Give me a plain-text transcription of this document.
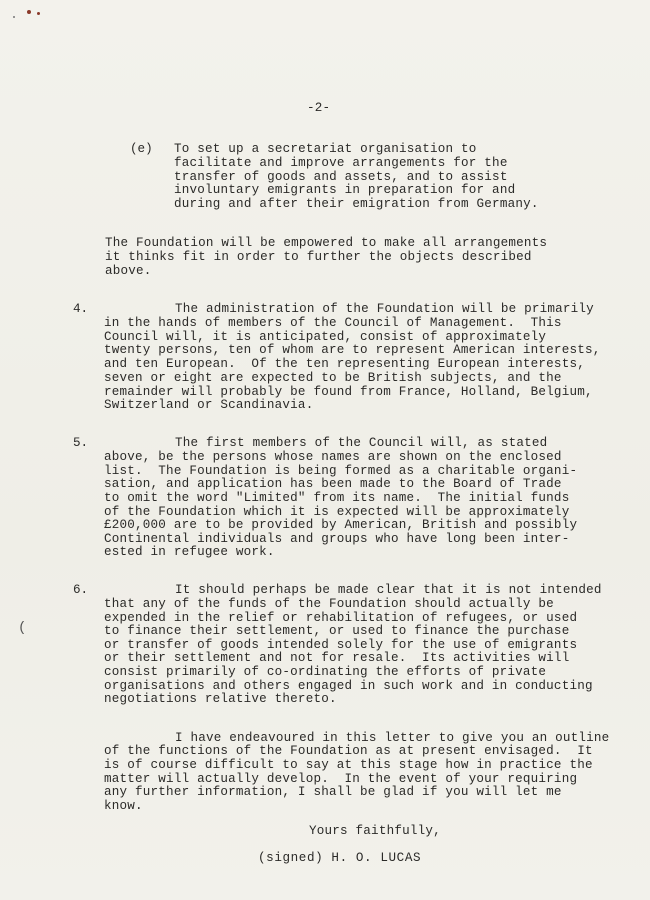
-2-
(e) To set up a secretariat organisation to
facilitate and improve arrangements for the
transfer of goods and assets, and to assist
involuntary emigrants in preparation for and
during and after their emigration from Germany.
The Foundation will be empowered to make all arrangements
it thinks fit in order to further the objects described
above.
4.	The administration of the Foundation will be primarily
in the hands of members of the Council of Management.  This
Council will, it is anticipated, consist of approximately
twenty persons, ten of whom are to represent American interests,
and ten European.  Of the ten representing European interests,
seven or eight are expected to be British subjects, and the
remainder will probably be found from France, Holland, Belgium,
Switzerland or Scandinavia.
5.	The first members of the Council will, as stated
above, be the persons whose names are shown on the enclosed
list.  The Foundation is being formed as a charitable organi-
sation, and application has been made to the Board of Trade
to omit the word "Limited" from its name.  The initial funds
of the Foundation which it is expected will be approximately
£200,000 are to be provided by American, British and possibly
Continental individuals and groups who have long been inter-
ested in refugee work.
6.	It should perhaps be made clear that it is not intended
that any of the funds of the Foundation should actually be
expended in the relief or rehabilitation of refugees, or used
to finance their settlement, or used to finance the purchase
or transfer of goods intended solely for the use of emigrants
or their settlement and not for resale.  Its activities will
consist primarily of co-ordinating the efforts of private
organisations and others engaged in such work and in conducting
negotiations relative thereto.
(
I have endeavoured in this letter to give you an outline
of the functions of the Foundation as at present envisaged.  It
is of course difficult to say at this stage how in practice the
matter will actually develop.  In the event of your requiring
any further information, I shall be glad if you will let me
know.
Yours faithfully,
(signed) H. O. LUCAS
